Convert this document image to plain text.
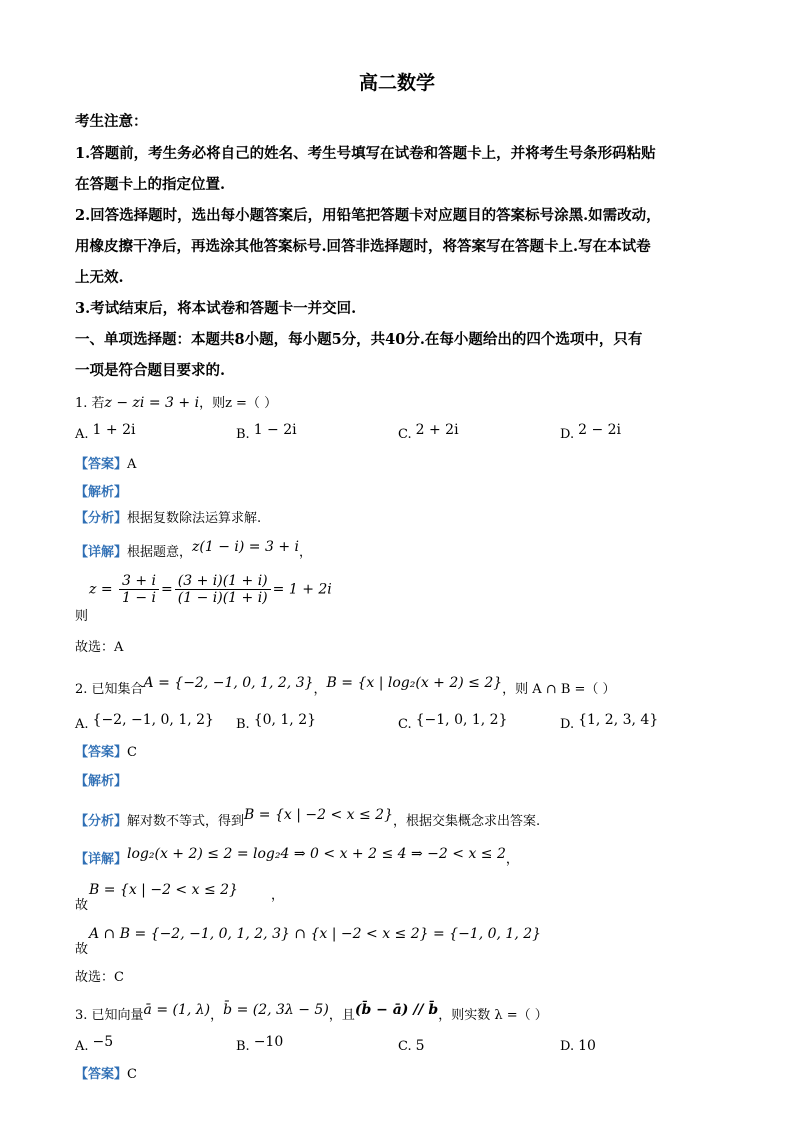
高二数学
考生注意：
1.答题前，考生务必将自己的姓名、考生号填写在试卷和答题卡上，并将考生号条形码粘贴
在答题卡上的指定位置.
2.回答选择题时，选出每小题答案后，用铅笔把答题卡对应题目的答案标号涂黑.如需改动，
用橡皮擦干净后，再选涂其他答案标号.回答非选择题时，将答案写在答题卡上.写在本试卷
上无效.
3.考试结束后，将本试卷和答题卡一并交回.
一、单项选择题：本题共8小题，每小题5分，共40分.在每小题给出的四个选项中，只有
一项是符合题目要求的.
1. 若z − zi = 3 + i，则z =（ ）
A. 1 + 2i	B. 1 − 2i	C. 2 + 2i	D. 2 − 2i
【答案】A
【解析】
【分析】根据复数除法运算求解.
【详解】根据题意，z(1 − i) = 3 + i，
则
$z = \frac{3 + i}{1 - i} = \frac{(3 + i)(1 + i)}{(1 - i)(1 + i)} = 1 + 2i$
故选：A
2. 已知集合A = {−2, −1, 0, 1, 2, 3}，B = {x | log₂(x + 2) ≤ 2}，则 A ∩ B =（ ）
A. {−2, −1, 0, 1, 2} B. {0, 1, 2}	C. {−1, 0, 1, 2}	D. {1, 2, 3, 4}
【答案】C
【解析】
【分析】解对数不等式，得到B = {x | −2 < x ≤ 2}，根据交集概念求出答案.
【详解】log₂(x + 2) ≤ 2 = log₂4 ⇒ 0 < x + 2 ≤ 4 ⇒ −2 < x ≤ 2，
故
B = {x | −2 < x ≤ 2}	，
故
A ∩ B = {−2, −1, 0, 1, 2, 3} ∩ {x | −2 < x ≤ 2} = {−1, 0, 1, 2}
故选：C
3. 已知向量ā = (1, λ)，b̄ = (2, 3λ − 5)，且(b̄ − ā) // b̄，则实数 λ =（ ）
A. −5	B. −10	C. 5	D. 10
【答案】C
